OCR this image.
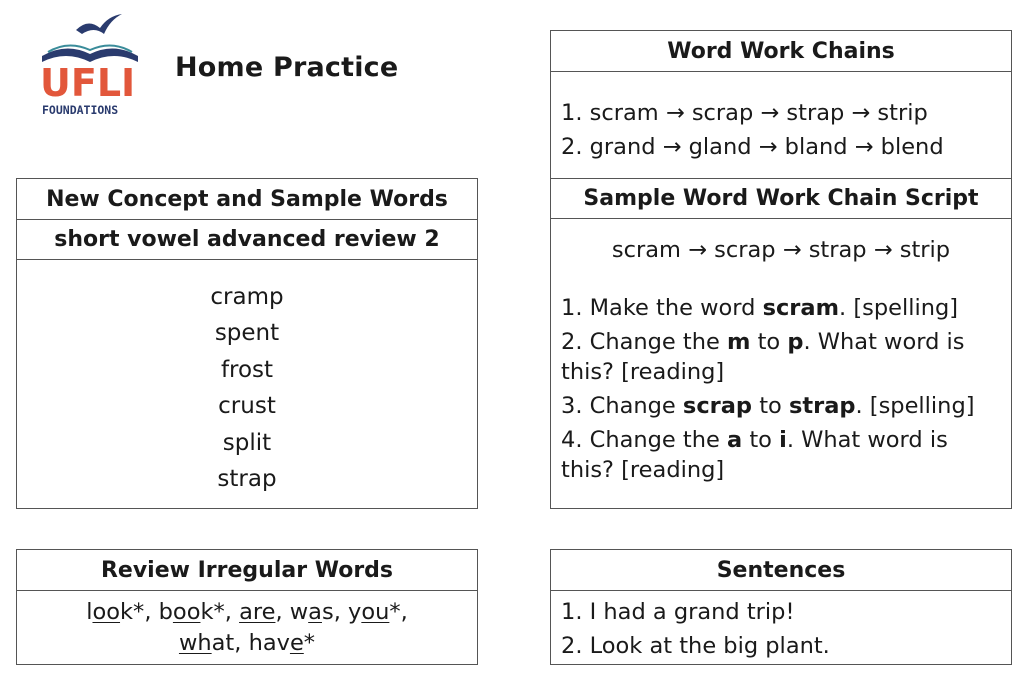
UFLI
FOUNDATIONS
Home Practice
Word Work Chains
1. scram → scrap → strap → strip
2. grand → gland → bland → blend
New Concept and Sample Words
short vowel advanced review 2
cramp
spent
frost
crust
split
strap
Sample Word Work Chain Script
scram → scrap → strap → strip
1. Make the word scram. [spelling]
2. Change the m to p. What word is this? [reading]
3. Change scrap to strap. [spelling]
4. Change the a to i. What word is this? [reading]
Review Irregular Words
look*, book*, are, was, you*, what, have*
Sentences
1. I had a grand trip!
2. Look at the big plant.
